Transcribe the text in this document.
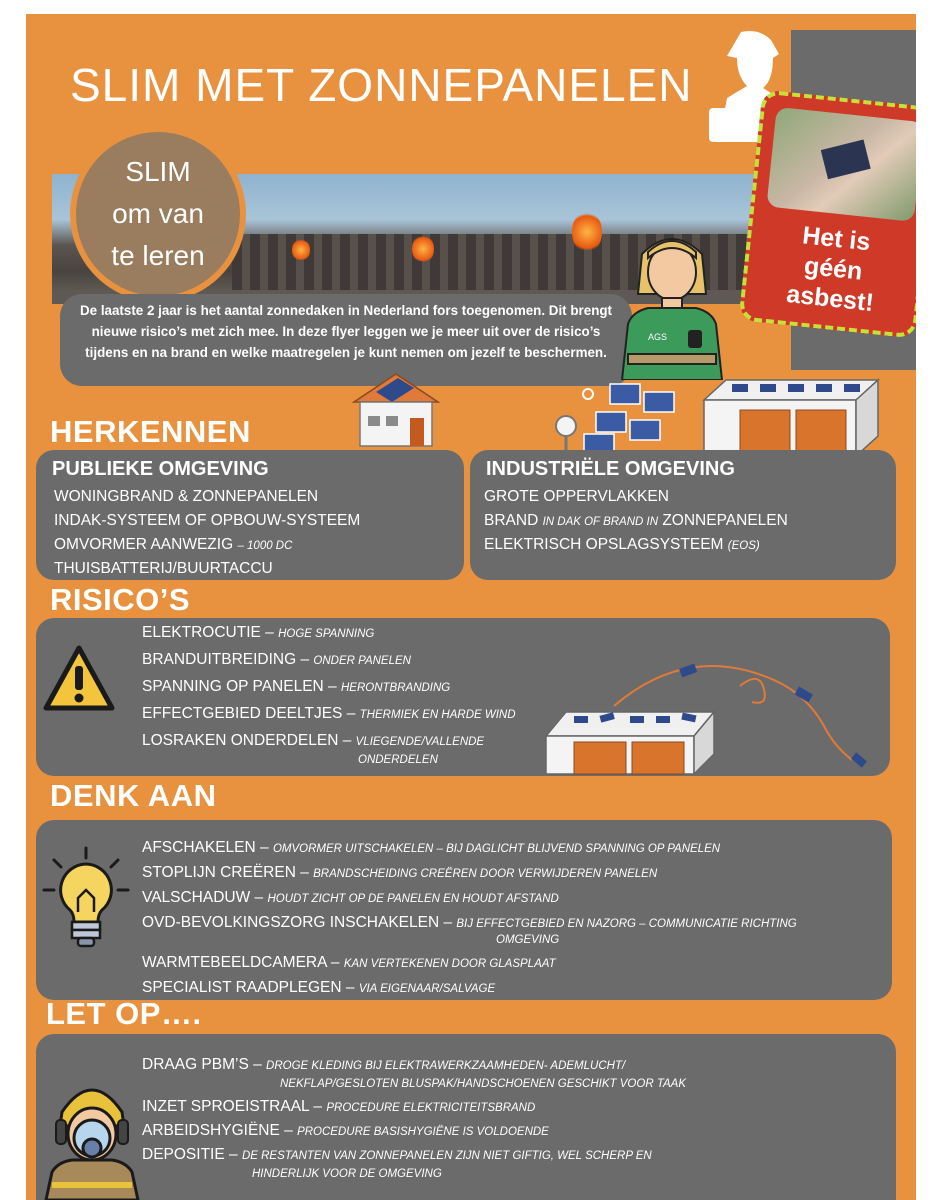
SLIM MET ZONNEPANELEN
SLIM
om van
te leren
De laatste 2 jaar is het aantal zonnedaken in Nederland fors toegenomen. Dit brengt nieuwe risico’s met zich mee. In deze flyer leggen we je meer uit over de risico’s tijdens en na brand en welke maatregelen je kunt nemen om jezelf te beschermen.
AGS
Het is
géén
asbest!
HERKENNEN
PUBLIEKE OMGEVING
WONINGBRAND & ZONNEPANELEN
INDAK-SYSTEEM OF OPBOUW-SYSTEEM
OMVORMER AANWEZIG – 1000 DC
THUISBATTERIJ/BUURTACCU
INDUSTRIËLE OMGEVING
GROTE OPPERVLAKKEN
BRAND IN DAK OF BRAND IN ZONNEPANELEN
ELEKTRISCH OPSLAGSYSTEEM (EOS)
RISICO’S
ELEKTROCUTIE – HOGE SPANNING
BRANDUITBREIDING – ONDER PANELEN
SPANNING OP PANELEN – HERONTBRANDING
EFFECTGEBIED DEELTJES – THERMIEK EN HARDE WIND
LOSRAKEN ONDERDELEN – VLIEGENDE/VALLENDE
ONDERDELEN
DENK AAN
AFSCHAKELEN – OMVORMER UITSCHAKELEN – BIJ DAGLICHT BLIJVEND SPANNING OP PANELEN
STOPLIJN CREËREN – BRANDSCHEIDING CREËREN DOOR VERWIJDEREN PANELEN
VALSCHADUW – HOUDT ZICHT OP DE PANELEN EN HOUDT AFSTAND
OVD-BEVOLKINGSZORG INSCHAKELEN – BIJ EFFECTGEBIED EN NAZORG – COMMUNICATIE RICHTING
OMGEVING
WARMTEBEELDCAMERA – KAN VERTEKENEN DOOR GLASPLAAT
SPECIALIST RAADPLEGEN – VIA EIGENAAR/SALVAGE
LET OP….
DRAAG PBM’S – DROGE KLEDING BIJ ELEKTRAWERKZAAMHEDEN- ADEMLUCHT/
NEKFLAP/GESLOTEN BLUSPAK/HANDSCHOENEN GESCHIKT VOOR TAAK
INZET SPROEISTRAAL – PROCEDURE ELEKTRICITEITSBRAND
ARBEIDSHYGIËNE – PROCEDURE BASISHYGIËNE IS VOLDOENDE
DEPOSITIE – DE RESTANTEN VAN ZONNEPANELEN ZIJN NIET GIFTIG, WEL SCHERP EN
HINDERLIJK VOOR DE OMGEVING
